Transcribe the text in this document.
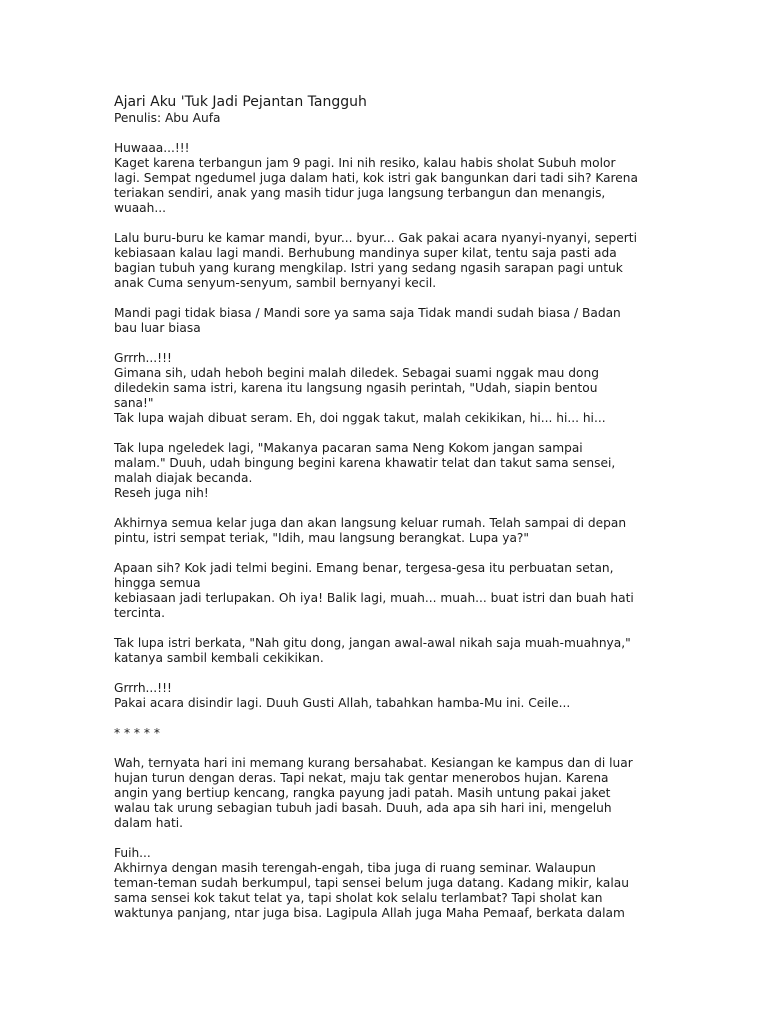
Ajari Aku 'Tuk Jadi Pejantan Tangguh
Penulis: Abu Aufa
Huwaaa...!!!
Kaget karena terbangun jam 9 pagi. Ini nih resiko, kalau habis sholat Subuh molor
lagi. Sempat ngedumel juga dalam hati, kok istri gak bangunkan dari tadi sih? Karena
teriakan sendiri, anak yang masih tidur juga langsung terbangun dan menangis,
wuaah...
Lalu buru-buru ke kamar mandi, byur... byur... Gak pakai acara nyanyi-nyanyi, seperti
kebiasaan kalau lagi mandi. Berhubung mandinya super kilat, tentu saja pasti ada
bagian tubuh yang kurang mengkilap. Istri yang sedang ngasih sarapan pagi untuk
anak Cuma senyum-senyum, sambil bernyanyi kecil.
Mandi pagi tidak biasa / Mandi sore ya sama saja Tidak mandi sudah biasa / Badan
bau luar biasa
Grrrh...!!!
Gimana sih, udah heboh begini malah diledek. Sebagai suami nggak mau dong
diledekin sama istri, karena itu langsung ngasih perintah, "Udah, siapin bentou
sana!"
Tak lupa wajah dibuat seram. Eh, doi nggak takut, malah cekikikan, hi... hi... hi...
Tak lupa ngeledek lagi, "Makanya pacaran sama Neng Kokom jangan sampai
malam." Duuh, udah bingung begini karena khawatir telat dan takut sama sensei,
malah diajak becanda.
Reseh juga nih!
Akhirnya semua kelar juga dan akan langsung keluar rumah. Telah sampai di depan
pintu, istri sempat teriak, "Idih, mau langsung berangkat. Lupa ya?"
Apaan sih? Kok jadi telmi begini. Emang benar, tergesa-gesa itu perbuatan setan,
hingga semua
kebiasaan jadi terlupakan. Oh iya! Balik lagi, muah... muah... buat istri dan buah hati
tercinta.
Tak lupa istri berkata, "Nah gitu dong, jangan awal-awal nikah saja muah-muahnya,"
katanya sambil kembali cekikikan.
Grrrh...!!!
Pakai acara disindir lagi. Duuh Gusti Allah, tabahkan hamba-Mu ini. Ceile...
* * * * *
Wah, ternyata hari ini memang kurang bersahabat. Kesiangan ke kampus dan di luar
hujan turun dengan deras. Tapi nekat, maju tak gentar menerobos hujan. Karena
angin yang bertiup kencang, rangka payung jadi patah. Masih untung pakai jaket
walau tak urung sebagian tubuh jadi basah. Duuh, ada apa sih hari ini, mengeluh
dalam hati.
Fuih...
Akhirnya dengan masih terengah-engah, tiba juga di ruang seminar. Walaupun
teman-teman sudah berkumpul, tapi sensei belum juga datang. Kadang mikir, kalau
sama sensei kok takut telat ya, tapi sholat kok selalu terlambat? Tapi sholat kan
waktunya panjang, ntar juga bisa. Lagipula Allah juga Maha Pemaaf, berkata dalam
